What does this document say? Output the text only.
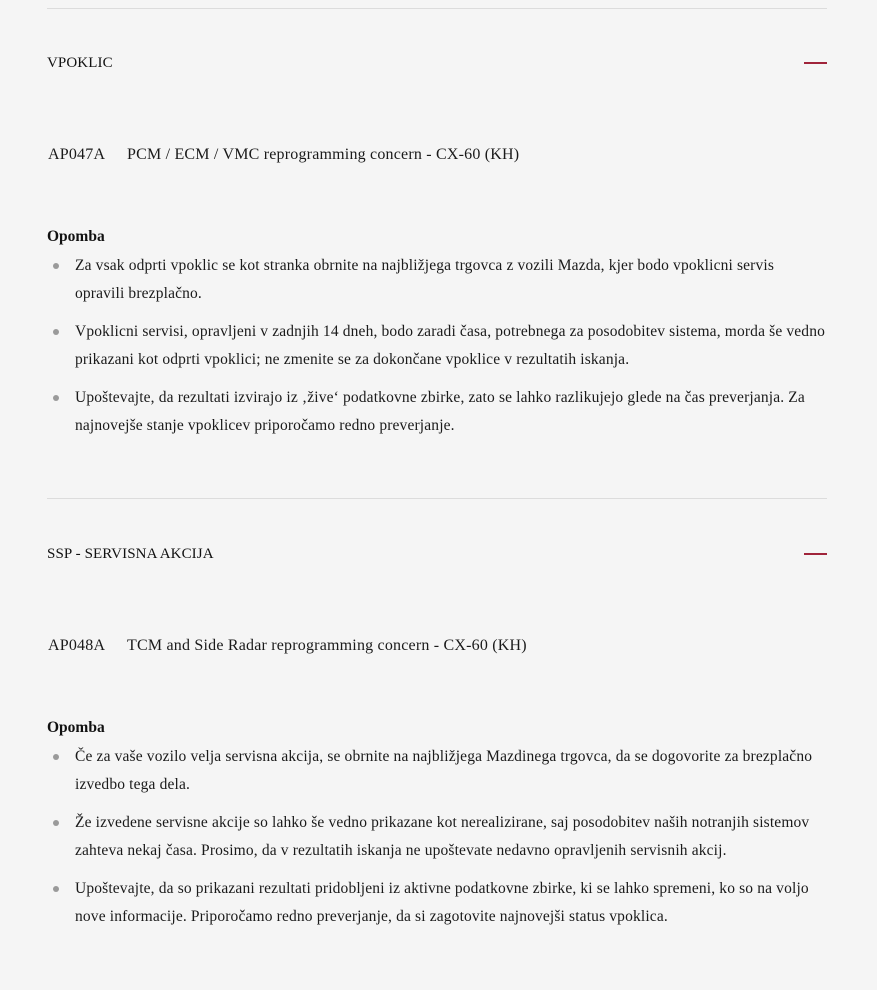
VPOKLIC
AP047A	PCM / ECM / VMC reprogramming concern - CX-60 (KH)
Opomba
Za vsak odprti vpoklic se kot stranka obrnite na najbližjega trgovca z vozili Mazda, kjer bodo vpoklicni servis opravili brezplačno.
Vpoklicni servisi, opravljeni v zadnjih 14 dneh, bodo zaradi časa, potrebnega za posodobitev sistema, morda še vedno prikazani kot odprti vpoklici; ne zmenite se za dokončane vpoklice v rezultatih iskanja.
Upoštevajte, da rezultati izvirajo iz ‚žive‘ podatkovne zbirke, zato se lahko razlikujejo glede na čas preverjanja. Za najnovejše stanje vpoklicev priporočamo redno preverjanje.
SSP - SERVISNA AKCIJA
AP048A	TCM and Side Radar reprogramming concern - CX-60 (KH)
Opomba
Če za vaše vozilo velja servisna akcija, se obrnite na najbližjega Mazdinega trgovca, da se dogovorite za brezplačno izvedbo tega dela.
Že izvedene servisne akcije so lahko še vedno prikazane kot nerealizirane, saj posodobitev naših notranjih sistemov zahteva nekaj časa. Prosimo, da v rezultatih iskanja ne upoštevate nedavno opravljenih servisnih akcij.
Upoštevajte, da so prikazani rezultati pridobljeni iz aktivne podatkovne zbirke, ki se lahko spremeni, ko so na voljo nove informacije. Priporočamo redno preverjanje, da si zagotovite najnovejši status vpoklica.
